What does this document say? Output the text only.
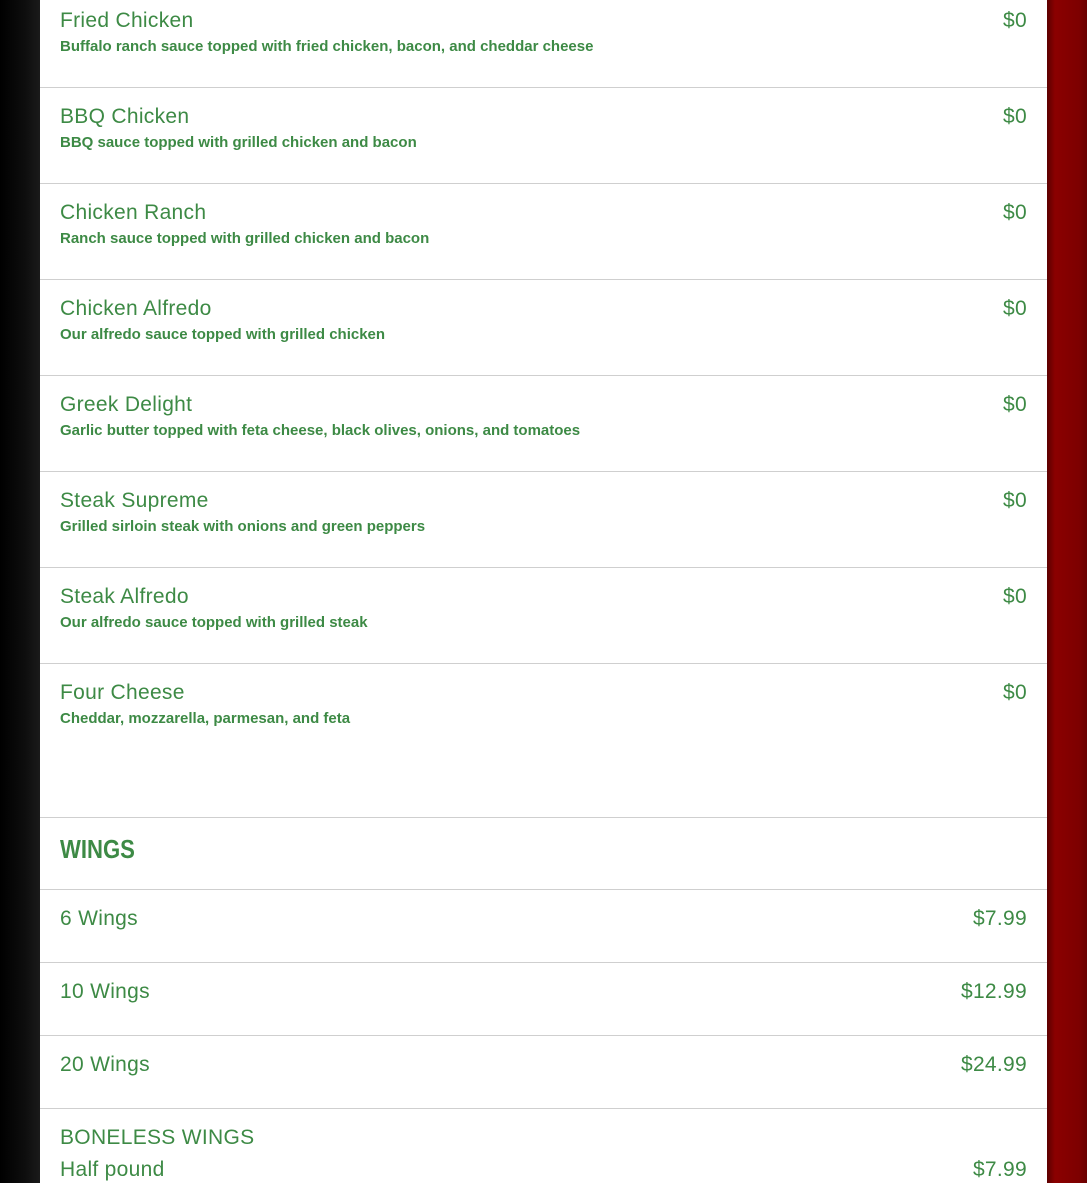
Fried Chicken	$0
Buffalo ranch sauce topped with fried chicken, bacon, and cheddar cheese
BBQ Chicken	$0
BBQ sauce topped with grilled chicken and bacon
Chicken Ranch	$0
Ranch sauce topped with grilled chicken and bacon
Chicken Alfredo	$0
Our alfredo sauce topped with grilled chicken
Greek Delight	$0
Garlic butter topped with feta cheese, black olives, onions, and tomatoes
Steak Supreme	$0
Grilled sirloin steak with onions and green peppers
Steak Alfredo	$0
Our alfredo sauce topped with grilled steak
Four Cheese	$0
Cheddar, mozzarella, parmesan, and feta
WINGS
6 Wings	$7.99
10 Wings	$12.99
20 Wings	$24.99
BONELESS WINGS
Half pound	$7.99
